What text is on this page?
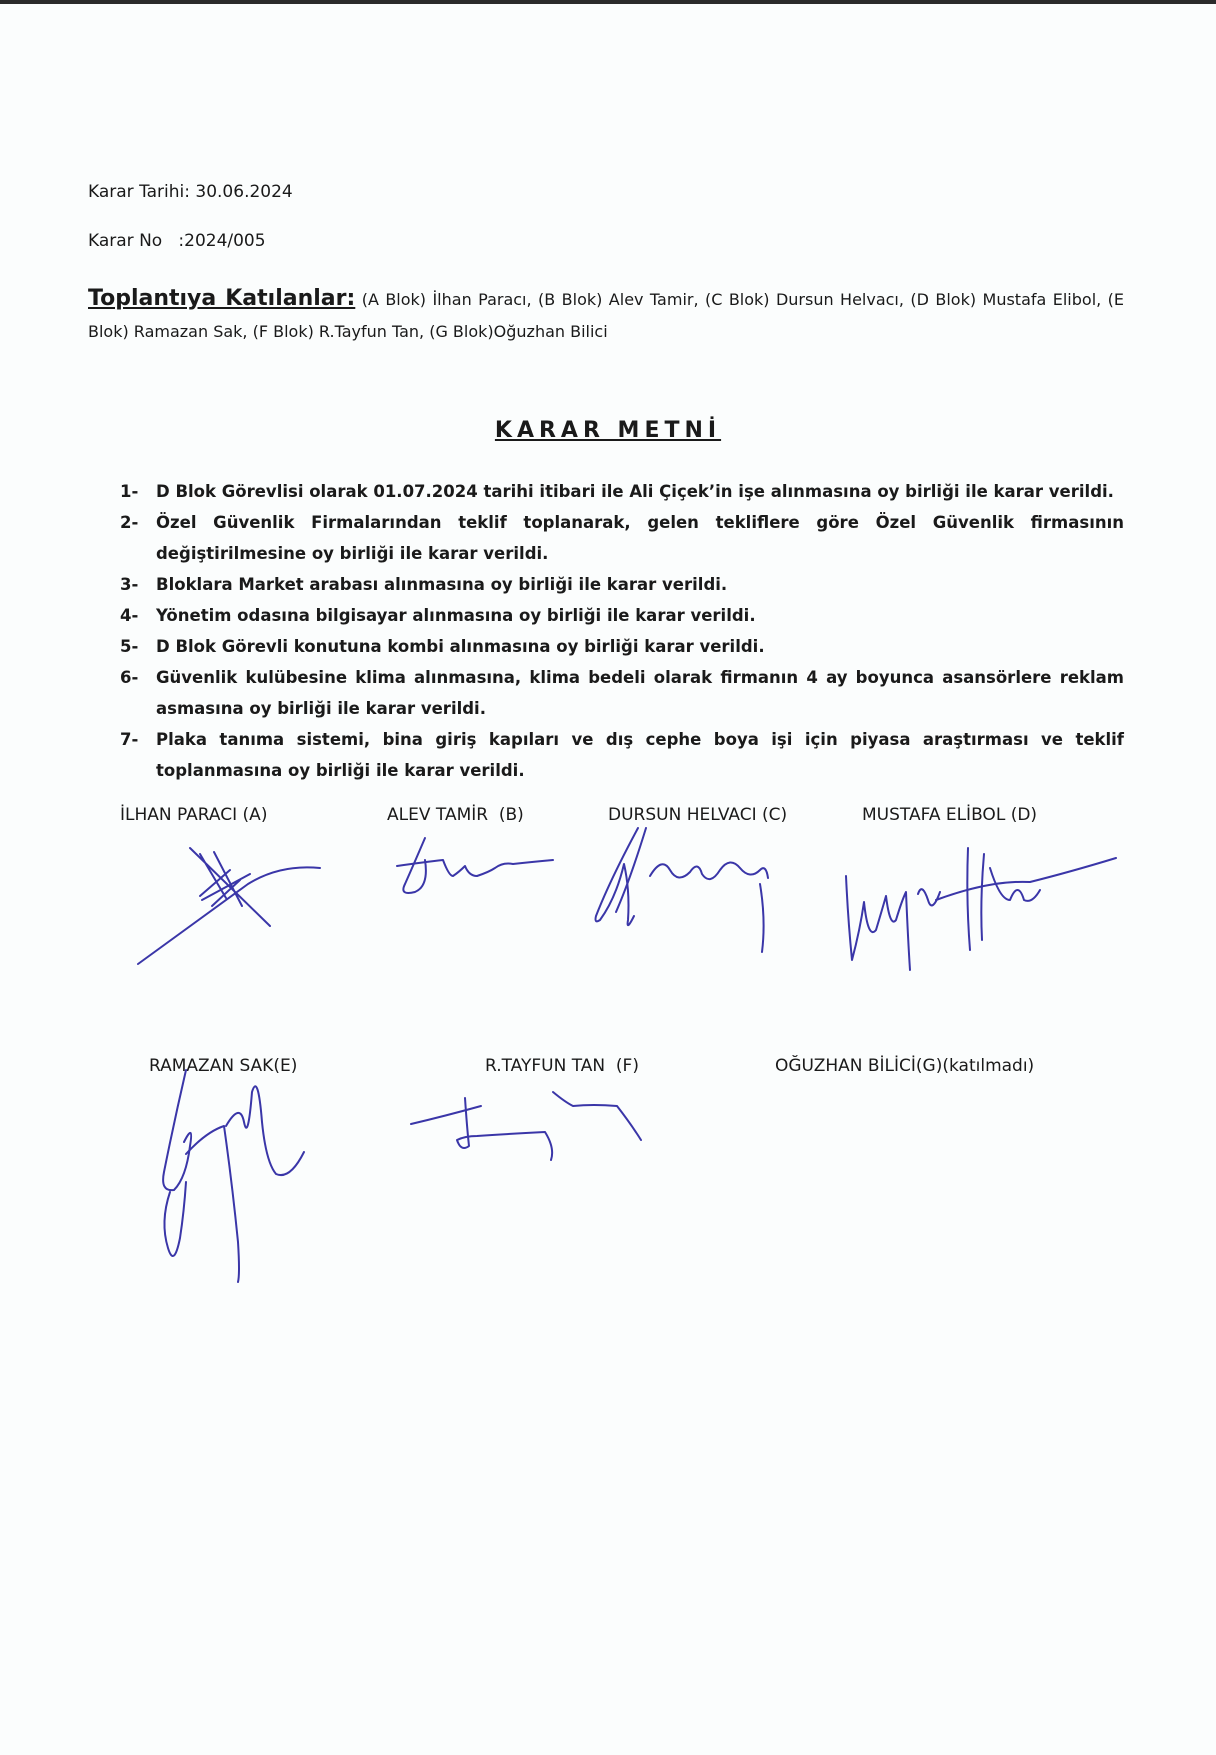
Karar Tarihi: 30.06.2024
Karar No   :2024/005
Toplantıya Katılanlar: (A Blok) İlhan Paracı, (B Blok) Alev Tamir, (C Blok) Dursun Helvacı, (D Blok) Mustafa Elibol, (E Blok) Ramazan Sak, (F Blok) R.Tayfun Tan, (G Blok)Oğuzhan Bilici
KARAR METNİ
1-	D Blok Görevlisi olarak 01.07.2024 tarihi itibari ile Ali Çiçek’in işe alınmasına oy birliği ile karar verildi.
2-	Özel Güvenlik Firmalarından teklif toplanarak, gelen tekliflere göre Özel Güvenlik firmasının değiştirilmesine oy birliği ile karar verildi.
3-	Bloklara Market arabası alınmasına oy birliği ile karar verildi.
4-	Yönetim odasına bilgisayar alınmasına oy birliği ile karar verildi.
5-	D Blok Görevli konutuna kombi alınmasına oy birliği karar verildi.
6-	Güvenlik kulübesine klima alınmasına, klima bedeli olarak firmanın 4 ay boyunca asansörlere reklam asmasına oy birliği ile karar verildi.
7-	Plaka tanıma sistemi, bina giriş kapıları ve dış cephe boya işi için piyasa araştırması ve teklif toplanmasına oy birliği ile karar verildi.
İLHAN PARACI (A)	ALEV TAMİR  (B)	DURSUN HELVACI (C)	MUSTAFA ELİBOL (D)
RAMAZAN SAK(E)	R.TAYFUN TAN  (F)	OĞUZHAN BİLİCİ(G)(katılmadı)
